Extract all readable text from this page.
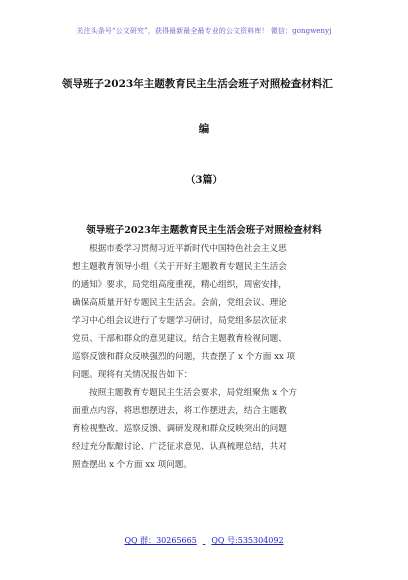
关注头条号“公文研究”，获得最新最全最专业的公文资料库！ 微信：gongwenyj
领导班子2023年主题教育民主生活会班子对照检查材料汇
编
（3篇）
领导班子2023年主题教育民主生活会班子对照检查材料
根据市委学习贯彻习近平新时代中国特色社会主义思
想主题教育领导小组《关于开好主题教育专题民主生活会
的通知》要求，局党组高度重视，精心组织，周密安排，
确保高质量开好专题民主生活会。会前，党组会议、理论
学习中心组会议进行了专题学习研讨，局党组多层次征求
党员、干部和群众的意见建议，结合主题教育检视问题、
巡察反馈和群众反映强烈的问题，共查摆了 x 个方面 xx 项
问题。现将有关情况报告如下：
按照主题教育专题民主生活会要求，局党组聚焦 x 个方
面重点内容，将思想摆进去，将工作摆进去，结合主题教
育检视整改、巡察反馈、调研发现和群众反映突出的问题
经过充分酝酿讨论、广泛征求意见、认真梳理总结，共对
照查摆出 x 个方面 xx 项问题。
QQ 群：30265665 QQ 号:535304092
